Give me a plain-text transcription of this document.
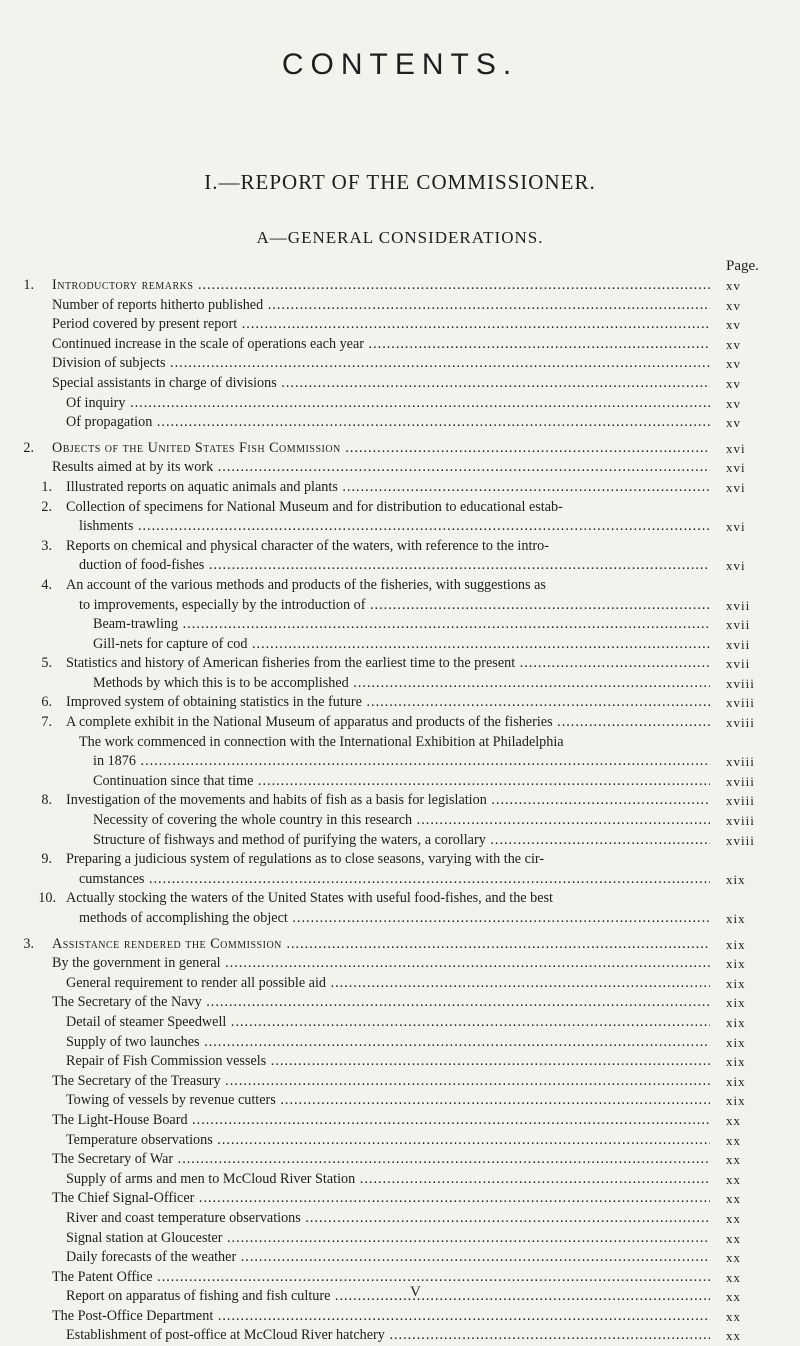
CONTENTS.
I.—REPORT OF THE COMMISSIONER.
A—GENERAL CONSIDERATIONS.
Page.
1. Introductory remarks .....	xv
Number of reports hitherto published .....	xv
Period covered by present report .....	xv
Continued increase in the scale of operations each year .....	xv
Division of subjects .....	xv
Special assistants in charge of divisions .....	xv
Of inquiry .....	xv
Of propagation .....	xv
2. Objects of the United States Fish Commission .....	xvi
Results aimed at by its work .....	xvi
1. Illustrated reports on aquatic animals and plants .....	xvi
2. Collection of specimens for National Museum and for distribution to educational estab-
lishments .....	xvi
3. Reports on chemical and physical character of the waters, with reference to the intro-
duction of food-fishes .....	xvi
4. An account of the various methods and products of the fisheries, with suggestions as
to improvements, especially by the introduction of .....	xvii
Beam-trawling .....	xvii
Gill-nets for capture of cod .....	xvii
5. Statistics and history of American fisheries from the earliest time to the present .....	xvii
Methods by which this is to be accomplished .....	xviii
6. Improved system of obtaining statistics in the future .....	xviii
7. A complete exhibit in the National Museum of apparatus and products of the fisheries .....	xviii
The work commenced in connection with the International Exhibition at Philadelphia
in 1876 .....	xviii
Continuation since that time .....	xviii
8. Investigation of the movements and habits of fish as a basis for legislation .....	xviii
Necessity of covering the whole country in this research .....	xviii
Structure of fishways and method of purifying the waters, a corollary .....	xviii
9. Preparing a judicious system of regulations as to close seasons, varying with the cir-
cumstances .....	xix
10. Actually stocking the waters of the United States with useful food-fishes, and the best
methods of accomplishing the object .....	xix
3. Assistance rendered the Commission .....	xix
By the government in general .....	xix
General requirement to render all possible aid .....	xix
The Secretary of the Navy .....	xix
Detail of steamer Speedwell .....	xix
Supply of two launches .....	xix
Repair of Fish Commission vessels .....	xix
The Secretary of the Treasury .....	xix
Towing of vessels by revenue cutters .....	xix
The Light-House Board .....	xx
Temperature observations .....	xx
The Secretary of War .....	xx
Supply of arms and men to McCloud River Station .....	xx
The Chief Signal-Officer .....	xx
River and coast temperature observations .....	xx
Signal station at Gloucester .....	xx
Daily forecasts of the weather .....	xx
The Patent Office .....	xx
Report on apparatus of fishing and fish culture .....	xx
The Post-Office Department .....	xx
Establishment of post-office at McCloud River hatchery .....	xx
V
